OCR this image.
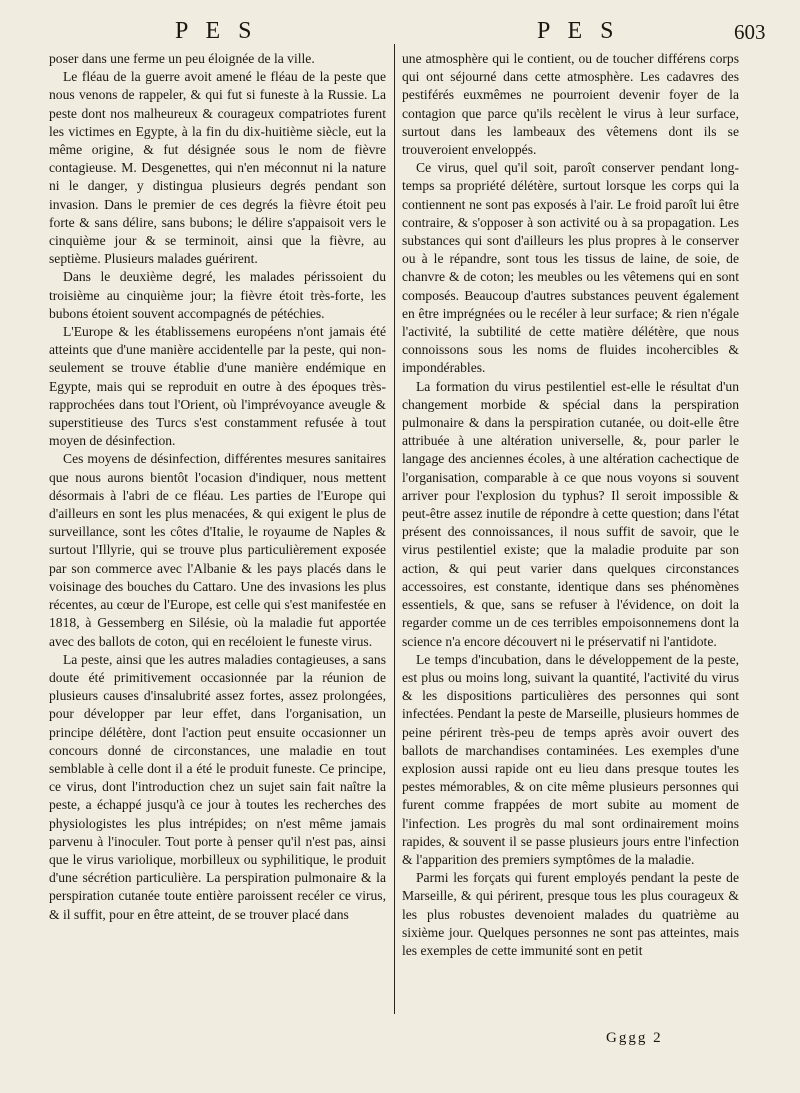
P E S	P E S	603

poser dans une ferme un peu éloignée de la ville.

Le fléau de la guerre avoit amené le fléau de la peste que nous venons de rappeler, & qui fut si funeste à la Russie. La peste dont nos malheureux & courageux compatriotes furent les victimes en Egypte, à la fin du dix-huitième siècle, eut la même origine, & fut désignée sous le nom de fièvre contagieuse. M. Desgenettes, qui n'en méconnut ni la nature ni le danger, y distingua plusieurs degrés pendant son invasion. Dans le premier de ces degrés la fièvre étoit peu forte & sans délire, sans bubons; le délire s'appaisoit vers le cinquième jour & se terminoit, ainsi que la fièvre, au septième. Plusieurs malades guérirent.

Dans le deuxième degré, les malades périssoient du troisième au cinquième jour; la fièvre étoit très-forte, les bubons étoient souvent accompagnés de pétéchies.

L'Europe & les établissemens européens n'ont jamais été atteints que d'une manière accidentelle par la peste, qui non-seulement se trouve établie d'une manière endémique en Egypte, mais qui se reproduit en outre à des époques très-rapprochées dans tout l'Orient, où l'imprévoyance aveugle & superstitieuse des Turcs s'est constamment refusée à tout moyen de désinfection.

Ces moyens de désinfection, différentes mesures sanitaires que nous aurons bientôt l'ocasion d'indiquer, nous mettent désormais à l'abri de ce fléau. Les parties de l'Europe qui d'ailleurs en sont les plus menacées, & qui exigent le plus de surveillance, sont les côtes d'Italie, le royaume de Naples & surtout l'Illyrie, qui se trouve plus particulièrement exposée par son commerce avec l'Albanie & les pays placés dans le voisinage des bouches du Cattaro. Une des invasions les plus récentes, au cœur de l'Europe, est celle qui s'est manifestée en 1818, à Gessemberg en Silésie, où la maladie fut apportée avec des ballots de coton, qui en recéloient le funeste virus.

La peste, ainsi que les autres maladies contagieuses, a sans doute été primitivement occasionnée par la réunion de plusieurs causes d'insalubrité assez fortes, assez prolongées, pour développer par leur effet, dans l'organisation, un principe délétère, dont l'action peut ensuite occasionner un concours donné de circonstances, une maladie en tout semblable à celle dont il a été le produit funeste. Ce principe, ce virus, dont l'introduction chez un sujet sain fait naître la peste, a échappé jusqu'à ce jour à toutes les recherches des physiologistes les plus intrépides; on n'est même jamais parvenu à l'inoculer. Tout porte à penser qu'il n'est pas, ainsi que le virus variolique, morbilleux ou syphilitique, le produit d'une sécrétion particulière. La perspiration pulmonaire & la perspiration cutanée toute entière paroissent recéler ce virus, & il suffit, pour en être atteint, de se trouver placé dans

une atmosphère qui le contient, ou de toucher différens corps qui ont séjourné dans cette atmosphère. Les cadavres des pestiférés euxmêmes ne pourroient devenir foyer de la contagion que parce qu'ils recèlent le virus à leur surface, surtout dans les lambeaux des vêtemens dont ils se trouveroient enveloppés.

Ce virus, quel qu'il soit, paroît conserver pendant long-temps sa propriété délétère, surtout lorsque les corps qui la contiennent ne sont pas exposés à l'air. Le froid paroît lui être contraire, & s'opposer à son activité ou à sa propagation. Les substances qui sont d'ailleurs les plus propres à le conserver ou à le répandre, sont tous les tissus de laine, de soie, de chanvre & de coton; les meubles ou les vêtemens qui en sont composés. Beaucoup d'autres substances peuvent également en être imprégnées ou le recéler à leur surface; & rien n'égale l'activité, la subtilité de cette matière délétère, que nous connoissons sous les noms de fluides incohercibles & impondérables.

La formation du virus pestilentiel est-elle le résultat d'un changement morbide & spécial dans la perspiration pulmonaire & dans la perspiration cutanée, ou doit-elle être attribuée à une altération universelle, &, pour parler le langage des anciennes écoles, à une altération cachectique de l'organisation, comparable à ce que nous voyons si souvent arriver pour l'explosion du typhus? Il seroit impossible & peut-être assez inutile de répondre à cette question; dans l'état présent des connoissances, il nous suffit de savoir, que le virus pestilentiel existe; que la maladie produite par son action, & qui peut varier dans quelques circonstances accessoires, est constante, identique dans ses phénomènes essentiels, & que, sans se refuser à l'évidence, on doit la regarder comme un de ces terribles empoisonnemens dont la science n'a encore découvert ni le préservatif ni l'antidote.

Le temps d'incubation, dans le développement de la peste, est plus ou moins long, suivant la quantité, l'activité du virus & les dispositions particulières des personnes qui sont infectées. Pendant la peste de Marseille, plusieurs hommes de peine périrent très-peu de temps après avoir ouvert des ballots de marchandises contaminées. Les exemples d'une explosion aussi rapide ont eu lieu dans presque toutes les pestes mémorables, & on cite même plusieurs personnes qui furent comme frappées de mort subite au moment de l'infection. Les progrès du mal sont ordinairement moins rapides, & souvent il se passe plusieurs jours entre l'infection & l'apparition des premiers symptômes de la maladie.

Parmi les forçats qui furent employés pendant la peste de Marseille, & qui périrent, presque tous les plus courageux & les plus robustes devenoient malades du quatrième au sixième jour. Quelques personnes ne sont pas atteintes, mais les exemples de cette immunité sont en petit

Gggg 2
